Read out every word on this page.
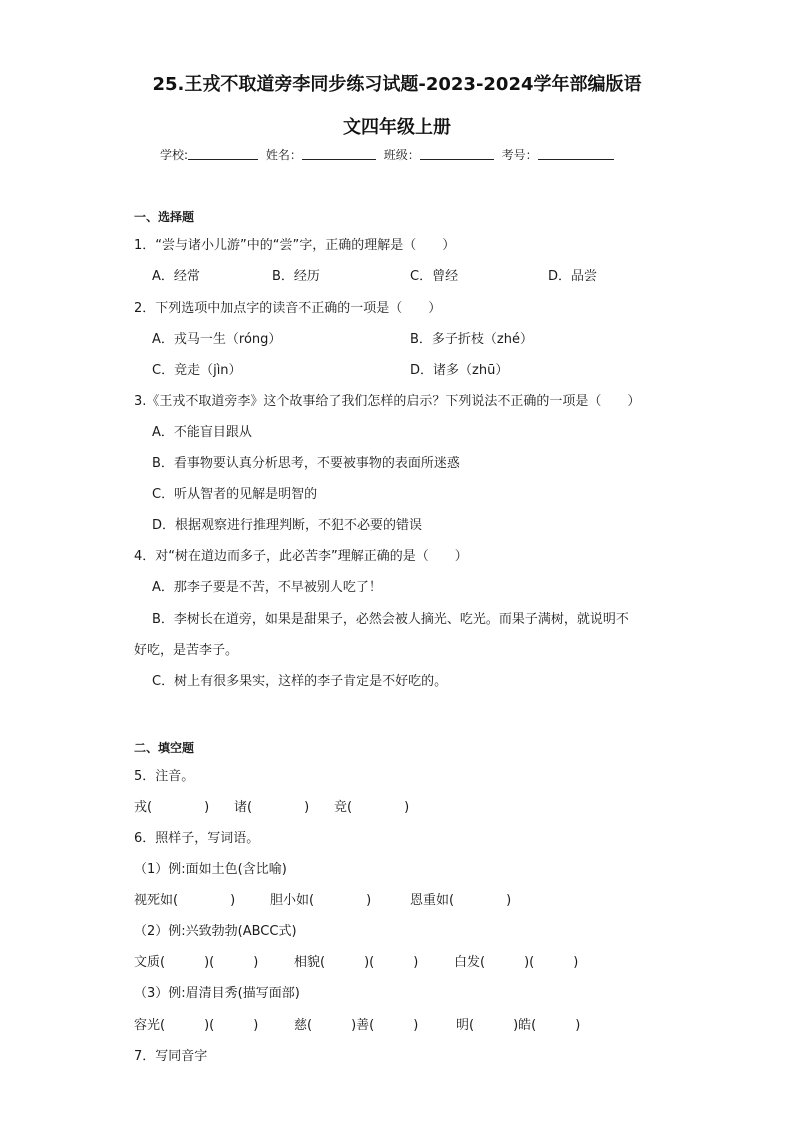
25.王戎不取道旁李同步练习试题-2023-2024学年部编版语
文四年级上册
学校:	姓名：	班级：	考号：
一、选择题
1．“尝与诸小儿游”中的“尝”字，正确的理解是（　　）
A．经常	B．经历	C．曾经	D．品尝
2．下列选项中加点字的读音不正确的一项是（　　）
A．戎马一生（róng）	B．多子折枝（zhé）
C．竞走（jìn）	D．诸多（zhū）
3.《王戎不取道旁李》这个故事给了我们怎样的启示？下列说法不正确的一项是（　　）
A．不能盲目跟从
B．看事物要认真分析思考，不要被事物的表面所迷惑
C．听从智者的见解是明智的
D．根据观察进行推理判断，不犯不必要的错误
4．对“树在道边而多子，此必苦李”理解正确的是（　　）
A．那李子要是不苦，不早被别人吃了！
B．李树长在道旁，如果是甜果子，必然会被人摘光、吃光。而果子满树，就说明不
好吃，是苦李子。
C．树上有很多果实，这样的李子肯定是不好吃的。
二、填空题
5．注音。
戎(　　　　) 诸(　　　　) 竞(　　　　)
6．照样子，写词语。
（1）例:面如土色(含比喻)
视死如(　　　　)	胆小如(　　　　)	恩重如(　　　　)
（2）例:兴致勃勃(ABCC式)
文质(　　　)(　　　)	相貌(　　　)(　　　)	白发(　　　)(　　　)
（3）例:眉清目秀(描写面部)
容光(　　　)(　　　)	慈(　　　)善(　　　)	明(　　　)皓(　　　)
7．写同音字
